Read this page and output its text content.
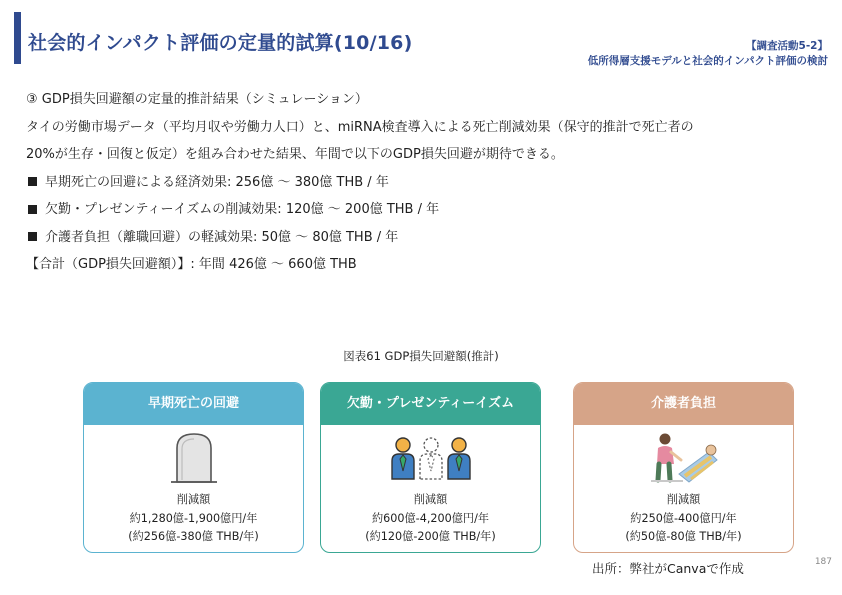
社会的インパクト評価の定量的試算(10/16)	【調査活動5-2】
低所得層支援モデルと社会的インパクト評価の検討

③ GDP損失回避額の定量的推計結果（シミュレーション）

タイの労働市場データ（平均月収や労働力人口）と、miRNA検査導入による死亡削減効果（保守的推計で死亡者の

20%が生存・回復と仮定）を組み合わせた結果、年間で以下のGDP損失回避が期待できる。

早期死亡の回避による経済効果: 256億 ～ 380億 THB / 年

欠勤・プレゼンティーイズムの削減効果: 120億 ～ 200億 THB / 年

介護者負担（離職回避）の軽減効果: 50億 ～ 80億 THB / 年

【合計（GDP損失回避額）】: 年間 426億 ～ 660億 THB

図表61 GDP損失回避額(推計)
早期死亡の回避
削減額
約1,280億-1,900億円/年
(約256億-380億 THB/年)
欠勤・プレゼンティーイズム
削減額
約600億-4,200億円/年
(約120億-200億 THB/年)
介護者負担
削減額
約250億-400億円/年
(約50億-80億 THB/年)
出所：弊社がCanvaで作成	187
